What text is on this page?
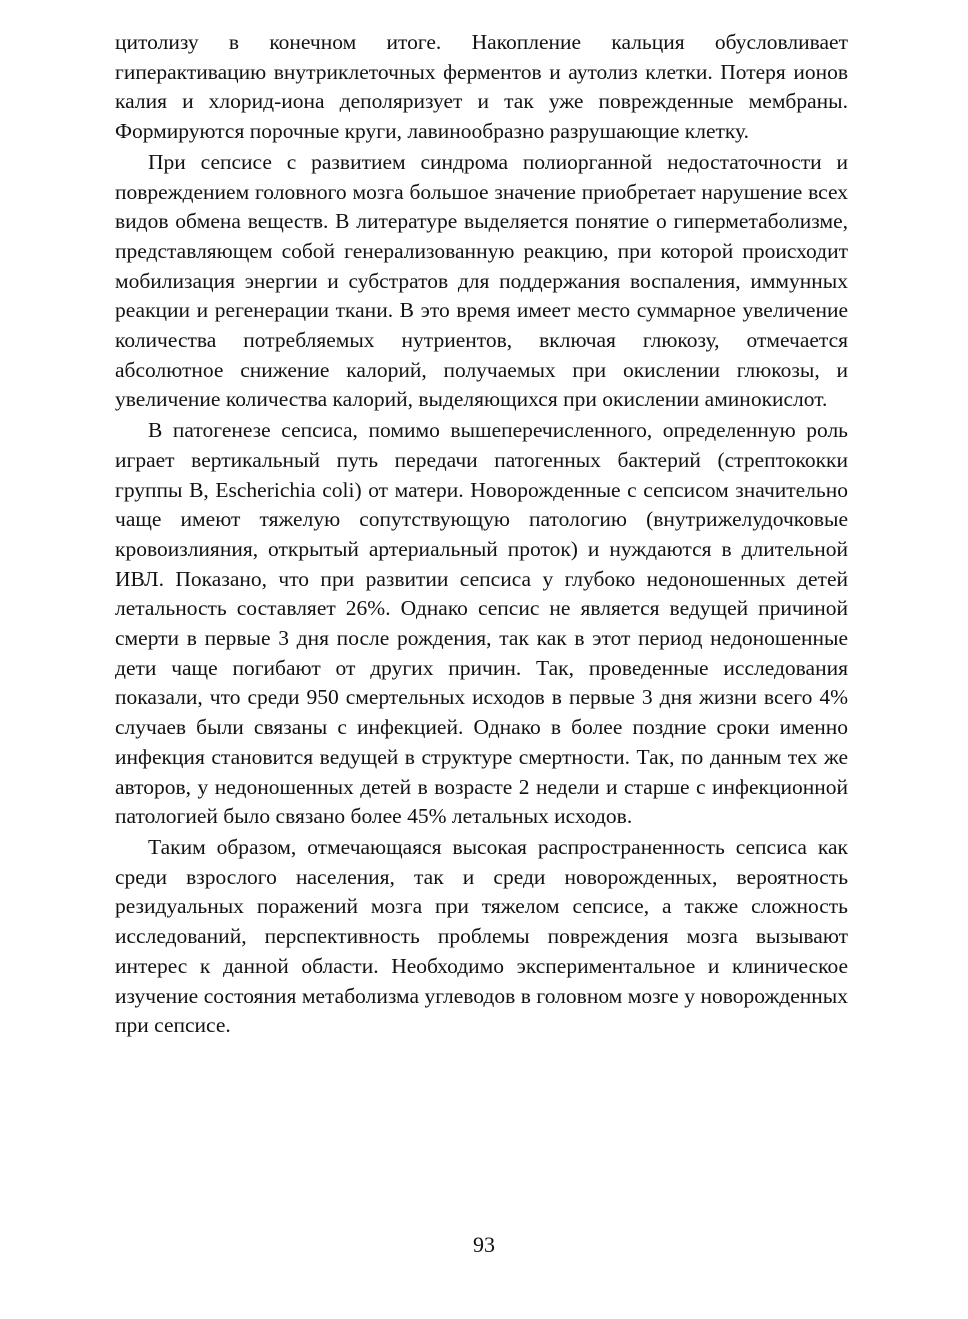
цитолизу в конечном итоге. Накопление кальция обусловливает гиперактивацию внутриклеточных ферментов и аутолиз клетки. Потеря ионов калия и хлорид-иона деполяризует и так уже поврежденные мембраны. Формируются порочные круги, лавинообразно разрушающие клетку.

При сепсисе с развитием синдрома полиорганной недостаточности и повреждением головного мозга большое значение приобретает нарушение всех видов обмена веществ. В литературе выделяется понятие о гиперметаболизме, представляющем собой генерализованную реакцию, при которой происходит мобилизация энергии и субстратов для поддержания воспаления, иммунных реакции и регенерации ткани. В это время имеет место суммарное увеличение количества потребляемых нутриентов, включая глюкозу, отмечается абсолютное снижение калорий, получаемых при окислении глюкозы, и увеличение количества калорий, выделяющихся при окислении аминокислот.

В патогенезе сепсиса, помимо вышеперечисленного, определенную роль играет вертикальный путь передачи патогенных бактерий (стрептококки группы В, Escherichia coli) от матери. Новорожденные с сепсисом значительно чаще имеют тяжелую сопутствующую патологию (внутрижелудочковые кровоизлияния, открытый артериальный проток) и нуждаются в длительной ИВЛ. Показано, что при развитии сепсиса у глубоко недоношенных детей летальность составляет 26%. Однако сепсис не является ведущей причиной смерти в первые 3 дня после рождения, так как в этот период недоношенные дети чаще погибают от других причин. Так, проведенные исследования показали, что среди 950 смертельных исходов в первые 3 дня жизни всего 4% случаев были связаны с инфекцией. Однако в более поздние сроки именно инфекция становится ведущей в структуре смертности. Так, по данным тех же авторов, у недоношенных детей в возрасте 2 недели и старше с инфекционной патологией было связано более 45% летальных исходов.

Таким образом, отмечающаяся высокая распространенность сепсиса как среди взрослого населения, так и среди новорожденных, вероятность резидуальных поражений мозга при тяжелом сепсисе, а также сложность исследований, перспективность проблемы повреждения мозга вызывают интерес к данной области. Необходимо экспериментальное и клиническое изучение состояния метаболизма углеводов в головном мозге у новорожденных при сепсисе.

93
